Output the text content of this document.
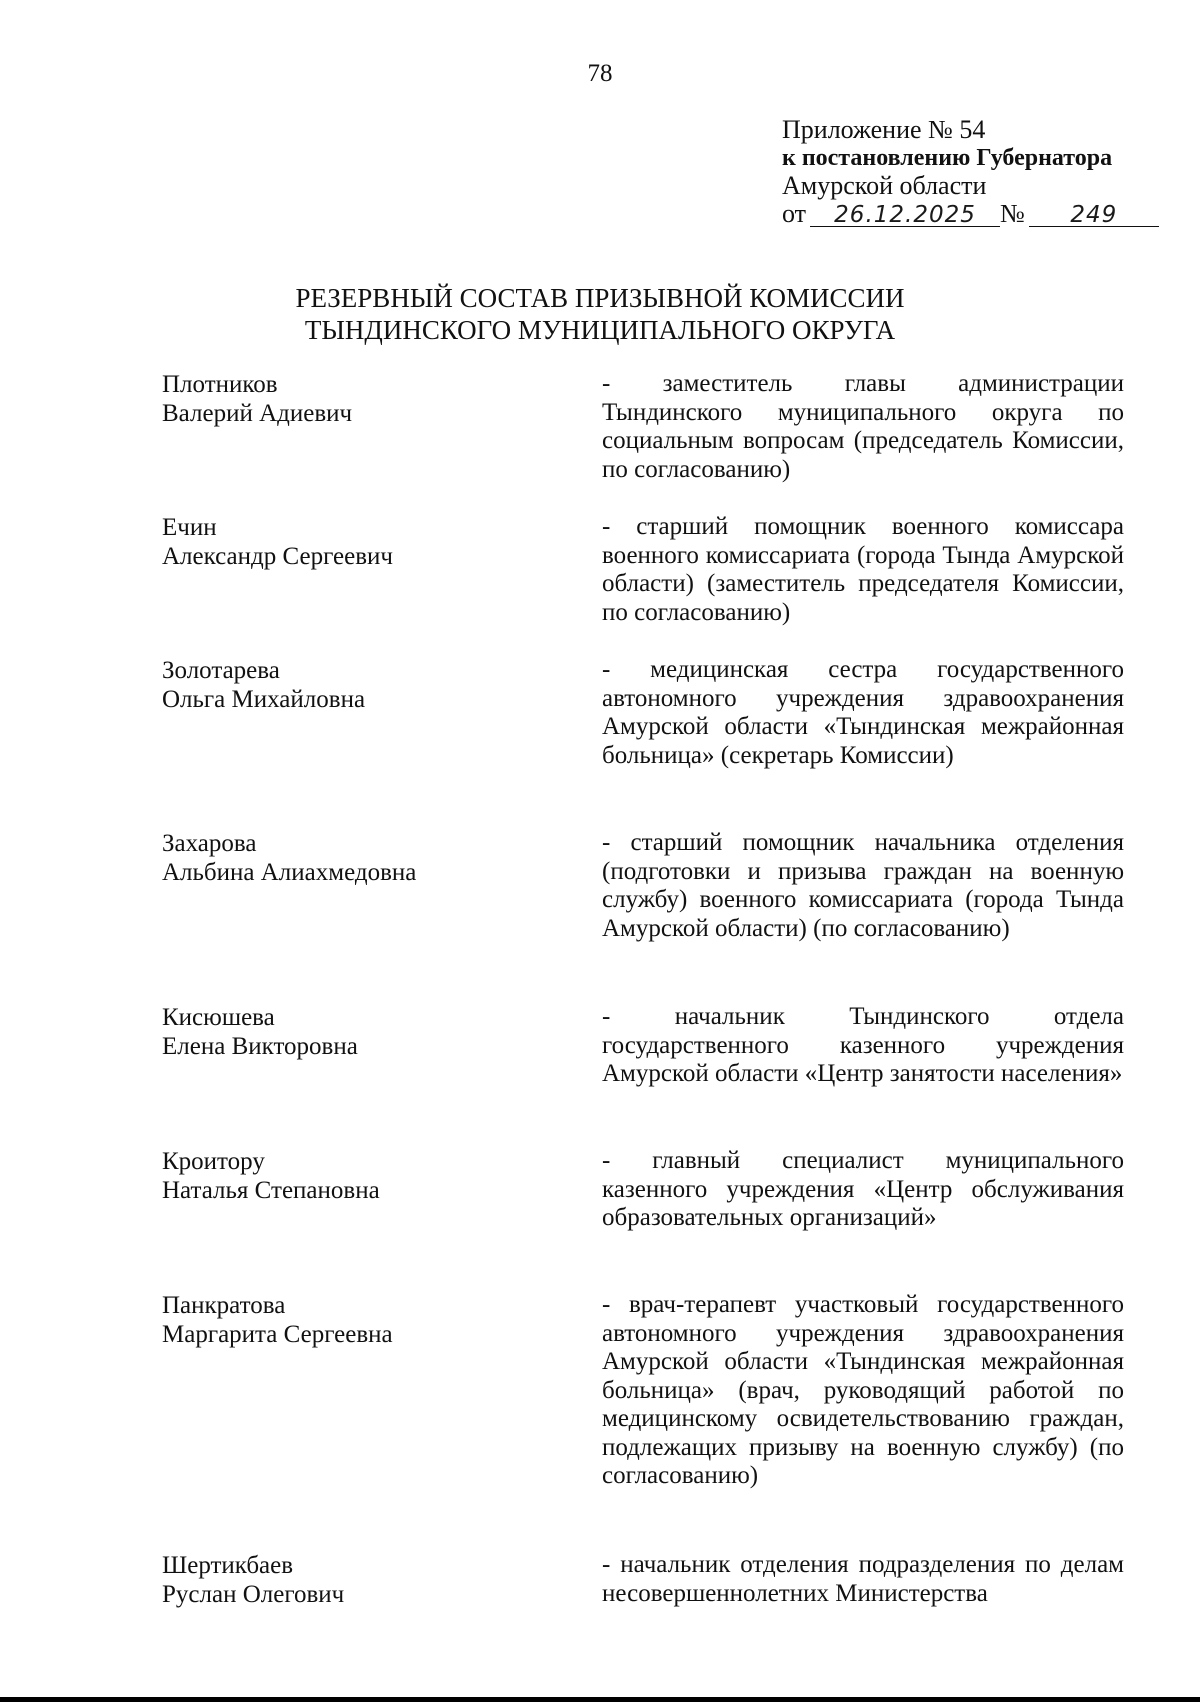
78
Приложение № 54
к постановлению Губернатора
Амурской области
от 26.12.2025 № 249
РЕЗЕРВНЫЙ СОСТАВ ПРИЗЫВНОЙ КОМИССИИ
ТЫНДИНСКОГО МУНИЦИПАЛЬНОГО ОКРУГА
Плотников
Валерий Адиевич
- заместитель главы администрации Тындинского муниципального округа по социальным вопросам (председатель Комиссии, по согласованию)
Ечин
Александр Сергеевич
- старший помощник военного комиссара военного комиссариата (города Тында Амурской области) (заместитель председателя Комиссии, по согласованию)
Золотарева
Ольга Михайловна
- медицинская сестра государственного автономного учреждения здравоохранения Амурской области «Тындинская межрайонная больница» (секретарь Комиссии)
Захарова
Альбина Алиахмедовна
- старший помощник начальника отделения (подготовки и призыва граждан на военную службу) военного комиссариата (города Тында Амурской области) (по согласованию)
Кисюшева
Елена Викторовна
- начальник Тындинского отдела государственного казенного учреждения Амурской области «Центр занятости населения»
Кроитору
Наталья Степановна
- главный специалист муниципального казенного учреждения «Центр обслуживания образовательных организаций»
Панкратова
Маргарита Сергеевна
- врач-терапевт участковый государственного автономного учреждения здравоохранения Амурской области «Тындинская межрайонная больница» (врач, руководящий работой по медицинскому освидетельствованию граждан, подлежащих призыву на военную службу) (по согласованию)
Шертикбаев
Руслан Олегович
- начальник отделения подразделения по делам несовершеннолетних Министерства
